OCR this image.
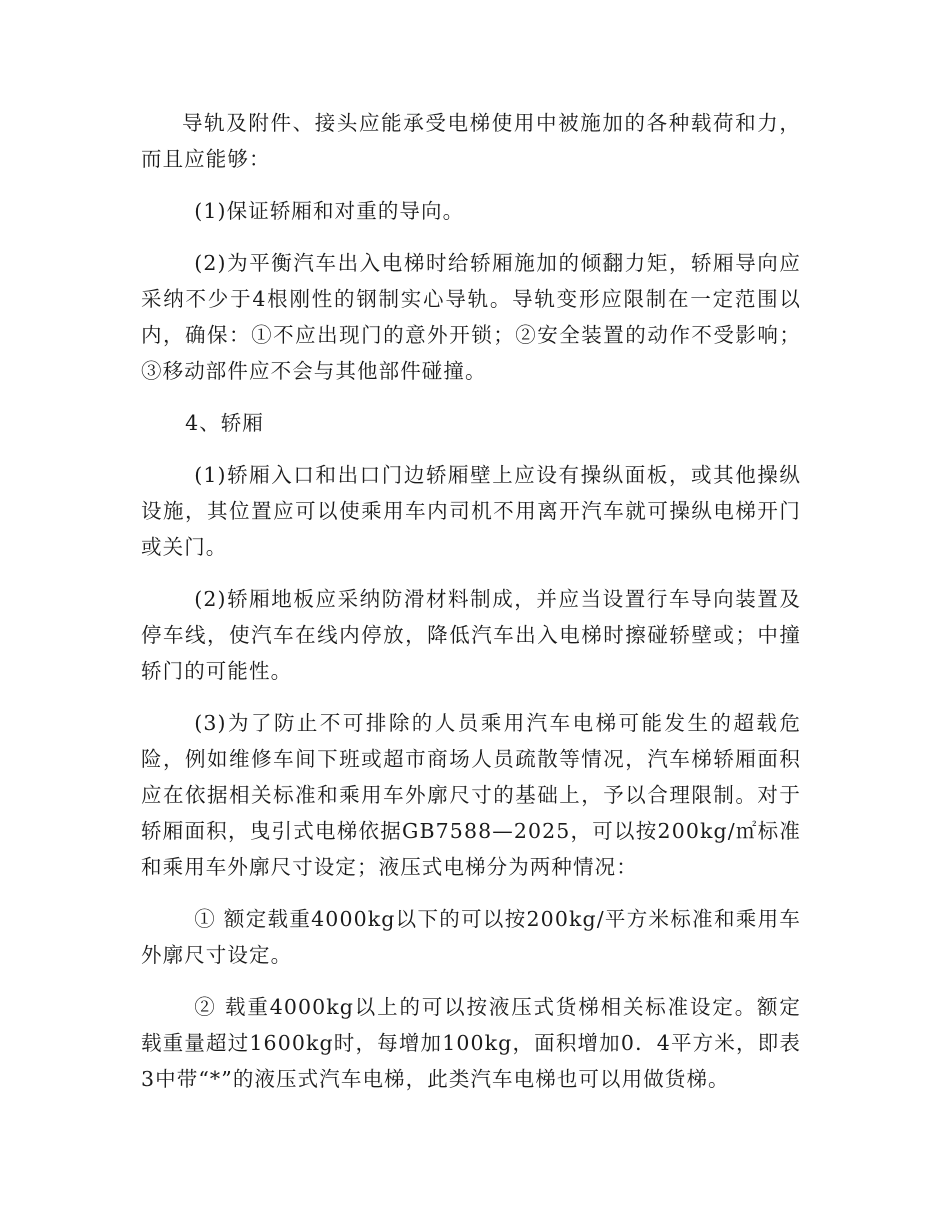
导轨及附件、接头应能承受电梯使用中被施加的各种载荷和力，而且应能够：

(1)保证轿厢和对重的导向。

(2)为平衡汽车出入电梯时给轿厢施加的倾翻力矩，轿厢导向应采纳不少于4根刚性的钢制实心导轨。导轨变形应限制在一定范围以内，确保：①不应出现门的意外开锁；②安全装置的动作不受影响；③移动部件应不会与其他部件碰撞。

4、轿厢

(1)轿厢入口和出口门边轿厢壁上应设有操纵面板，或其他操纵设施，其位置应可以使乘用车内司机不用离开汽车就可操纵电梯开门或关门。

(2)轿厢地板应采纳防滑材料制成，并应当设置行车导向装置及停车线，使汽车在线内停放，降低汽车出入电梯时擦碰轿壁或；中撞轿门的可能性。

(3)为了防止不可排除的人员乘用汽车电梯可能发生的超载危险，例如维修车间下班或超市商场人员疏散等情况，汽车梯轿厢面积应在依据相关标准和乘用车外廓尺寸的基础上，予以合理限制。对于轿厢面积，曳引式电梯依据GB7588—2025，可以按200kg/㎡标准和乘用车外廓尺寸设定；液压式电梯分为两种情况：

① 额定载重4000kg以下的可以按200kg/平方米标准和乘用车外廓尺寸设定。

② 载重4000kg以上的可以按液压式货梯相关标准设定。额定载重量超过1600kg时，每增加100kg，面积增加0．4平方米，即表3中带“*”的液压式汽车电梯，此类汽车电梯也可以用做货梯。
